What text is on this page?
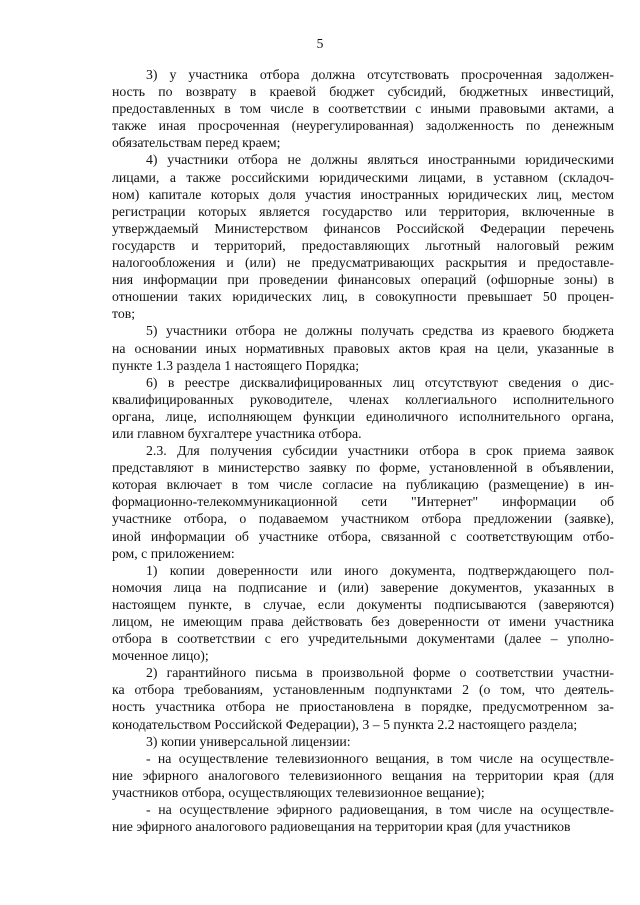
5
3) у участника отбора должна отсутствовать просроченная задолжен-
ность по возврату в краевой бюджет субсидий, бюджетных инвестиций,
предоставленных в том числе в соответствии с иными правовыми актами, а
также иная просроченная (неурегулированная) задолженность по денежным
обязательствам перед краем;
4) участники отбора не должны являться иностранными юридическими
лицами, а также российскими юридическими лицами, в уставном (складоч-
ном) капитале которых доля участия иностранных юридических лиц, местом
регистрации которых является государство или территория, включенные в
утверждаемый Министерством финансов Российской Федерации перечень
государств и территорий, предоставляющих льготный налоговый режим
налогообложения и (или) не предусматривающих раскрытия и предоставле-
ния информации при проведении финансовых операций (офшорные зоны) в
отношении таких юридических лиц, в совокупности превышает 50 процен-
тов;
5) участники отбора не должны получать средства из краевого бюджета
на основании иных нормативных правовых актов края на цели, указанные в
пункте 1.3 раздела 1 настоящего Порядка;
6) в реестре дисквалифицированных лиц отсутствуют сведения о дис-
квалифицированных руководителе, членах коллегиального исполнительного
органа, лице, исполняющем функции единоличного исполнительного органа,
или главном бухгалтере участника отбора.
2.3. Для получения субсидии участники отбора в срок приема заявок
представляют в министерство заявку по форме, установленной в объявлении,
которая включает в том числе согласие на публикацию (размещение) в ин-
формационно-телекоммуникационной сети "Интернет" информации об
участнике отбора, о подаваемом участником отбора предложении (заявке),
иной информации об участнике отбора, связанной с соответствующим отбо-
ром, с приложением:
1) копии доверенности или иного документа, подтверждающего пол-
номочия лица на подписание и (или) заверение документов, указанных в
настоящем пункте, в случае, если документы подписываются (заверяются)
лицом, не имеющим права действовать без доверенности от имени участника
отбора в соответствии с его учредительными документами (далее – уполно-
моченное лицо);
2) гарантийного письма в произвольной форме о соответствии участни-
ка отбора требованиям, установленным подпунктами 2 (о том, что деятель-
ность участника отбора не приостановлена в порядке, предусмотренном за-
конодательством Российской Федерации), 3 – 5 пункта 2.2 настоящего раздела;
3) копии универсальной лицензии:
- на осуществление телевизионного вещания, в том числе на осуществле-
ние эфирного аналогового телевизионного вещания на территории края (для
участников отбора, осуществляющих телевизионное вещание);
- на осуществление эфирного радиовещания, в том числе на осуществле-
ние эфирного аналогового радиовещания на территории края (для участников
